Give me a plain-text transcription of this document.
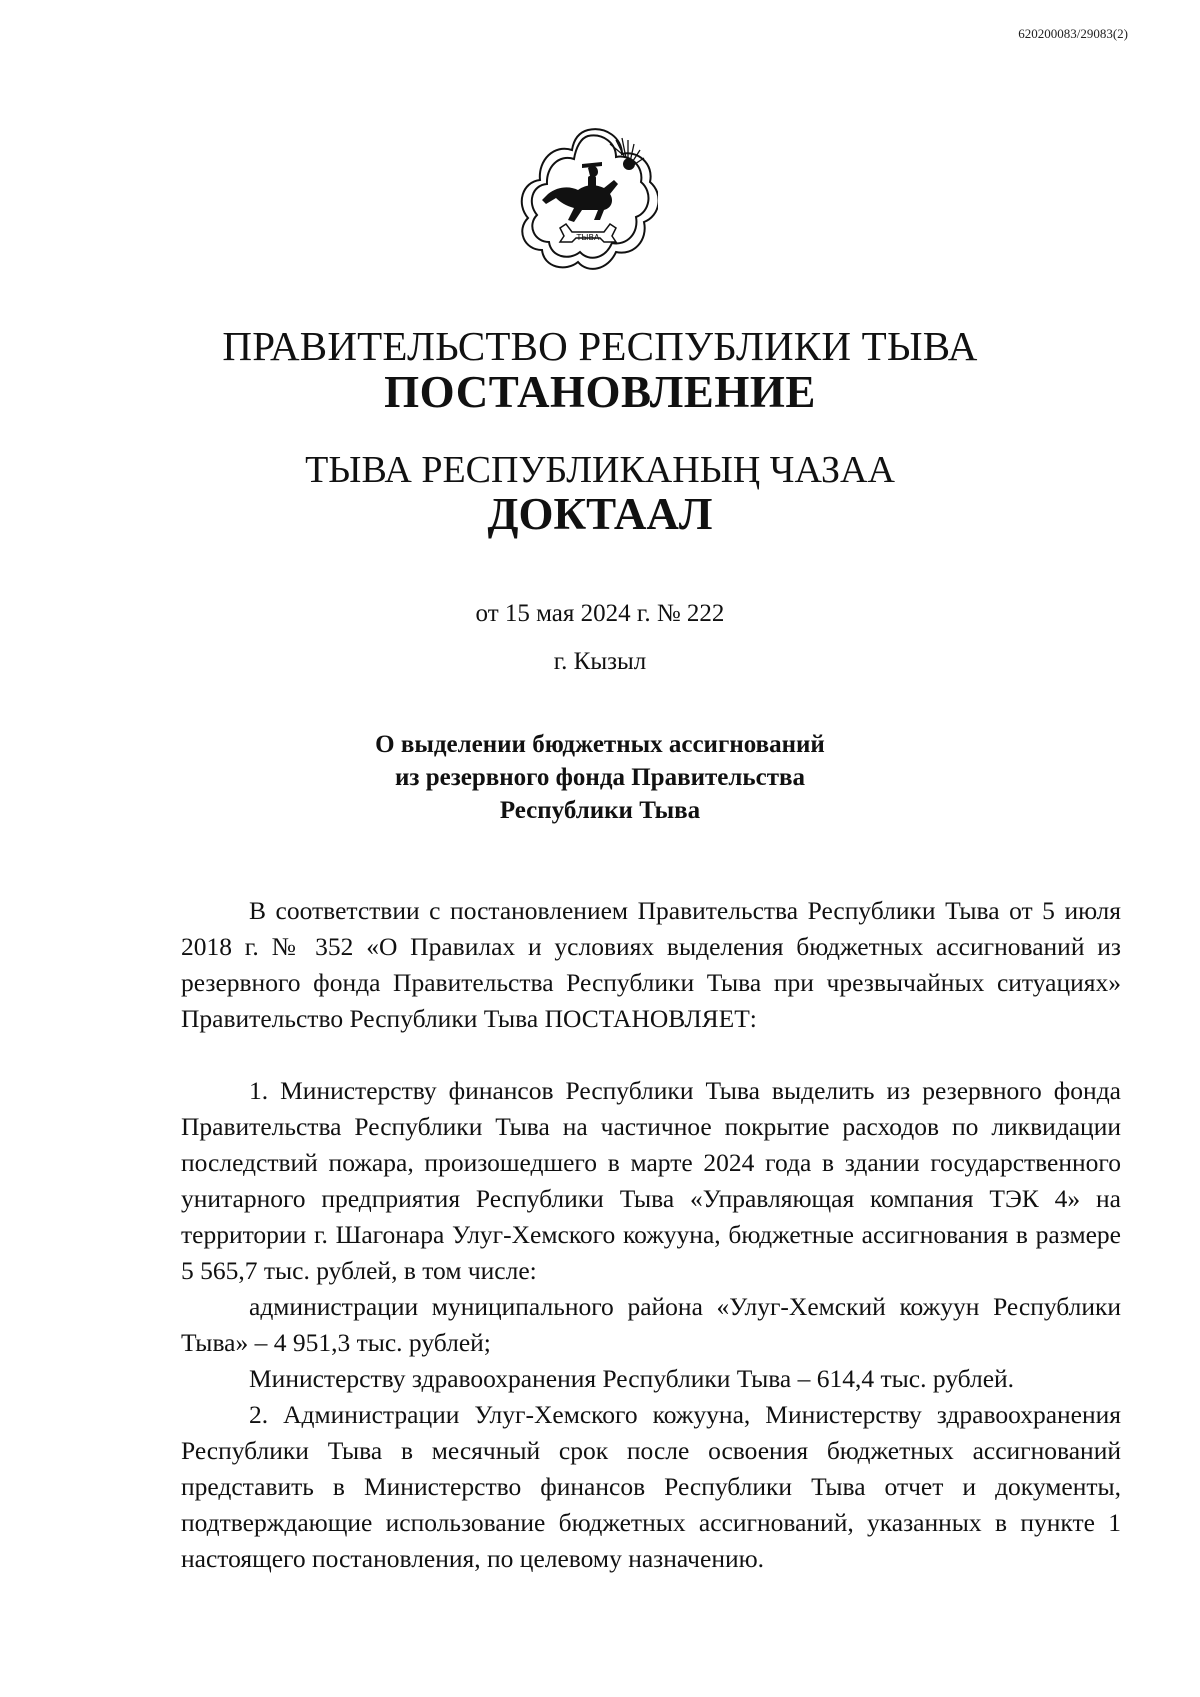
620200083/29083(2)
ТЫВА
ПРАВИТЕЛЬСТВО РЕСПУБЛИКИ ТЫВА
ПОСТАНОВЛЕНИЕ
ТЫВА РЕСПУБЛИКАНЫҢ ЧАЗАА
ДОКТААЛ
от 15 мая 2024 г. № 222
г. Кызыл
О выделении бюджетных ассигнований
из резервного фонда Правительства
Республики Тыва

В соответствии с постановлением Правительства Республики Тыва от 5 июля 2018 г. № 352 «О Правилах и условиях выделения бюджетных ассигнований из резервного фонда Правительства Республики Тыва при чрезвычайных ситуациях» Правительство Республики Тыва ПОСТАНОВЛЯЕТ:

1. Министерству финансов Республики Тыва выделить из резервного фонда Правительства Республики Тыва на частичное покрытие расходов по ликвидации последствий пожара, произошедшего в марте 2024 года в здании государственного унитарного предприятия Республики Тыва «Управляющая компания ТЭК 4» на территории г. Шагонара Улуг-Хемского кожууна, бюджетные ассигнования в размере 5 565,7 тыс. рублей, в том числе:

администрации муниципального района «Улуг-Хемский кожуун Республики Тыва» – 4 951,3 тыс. рублей;

Министерству здравоохранения Республики Тыва – 614,4 тыс. рублей.

2. Администрации Улуг-Хемского кожууна, Министерству здравоохранения Республики Тыва в месячный срок после освоения бюджетных ассигнований представить в Министерство финансов Республики Тыва отчет и документы, подтверждающие использование бюджетных ассигнований, указанных в пункте 1 настоящего постановления, по целевому назначению.
